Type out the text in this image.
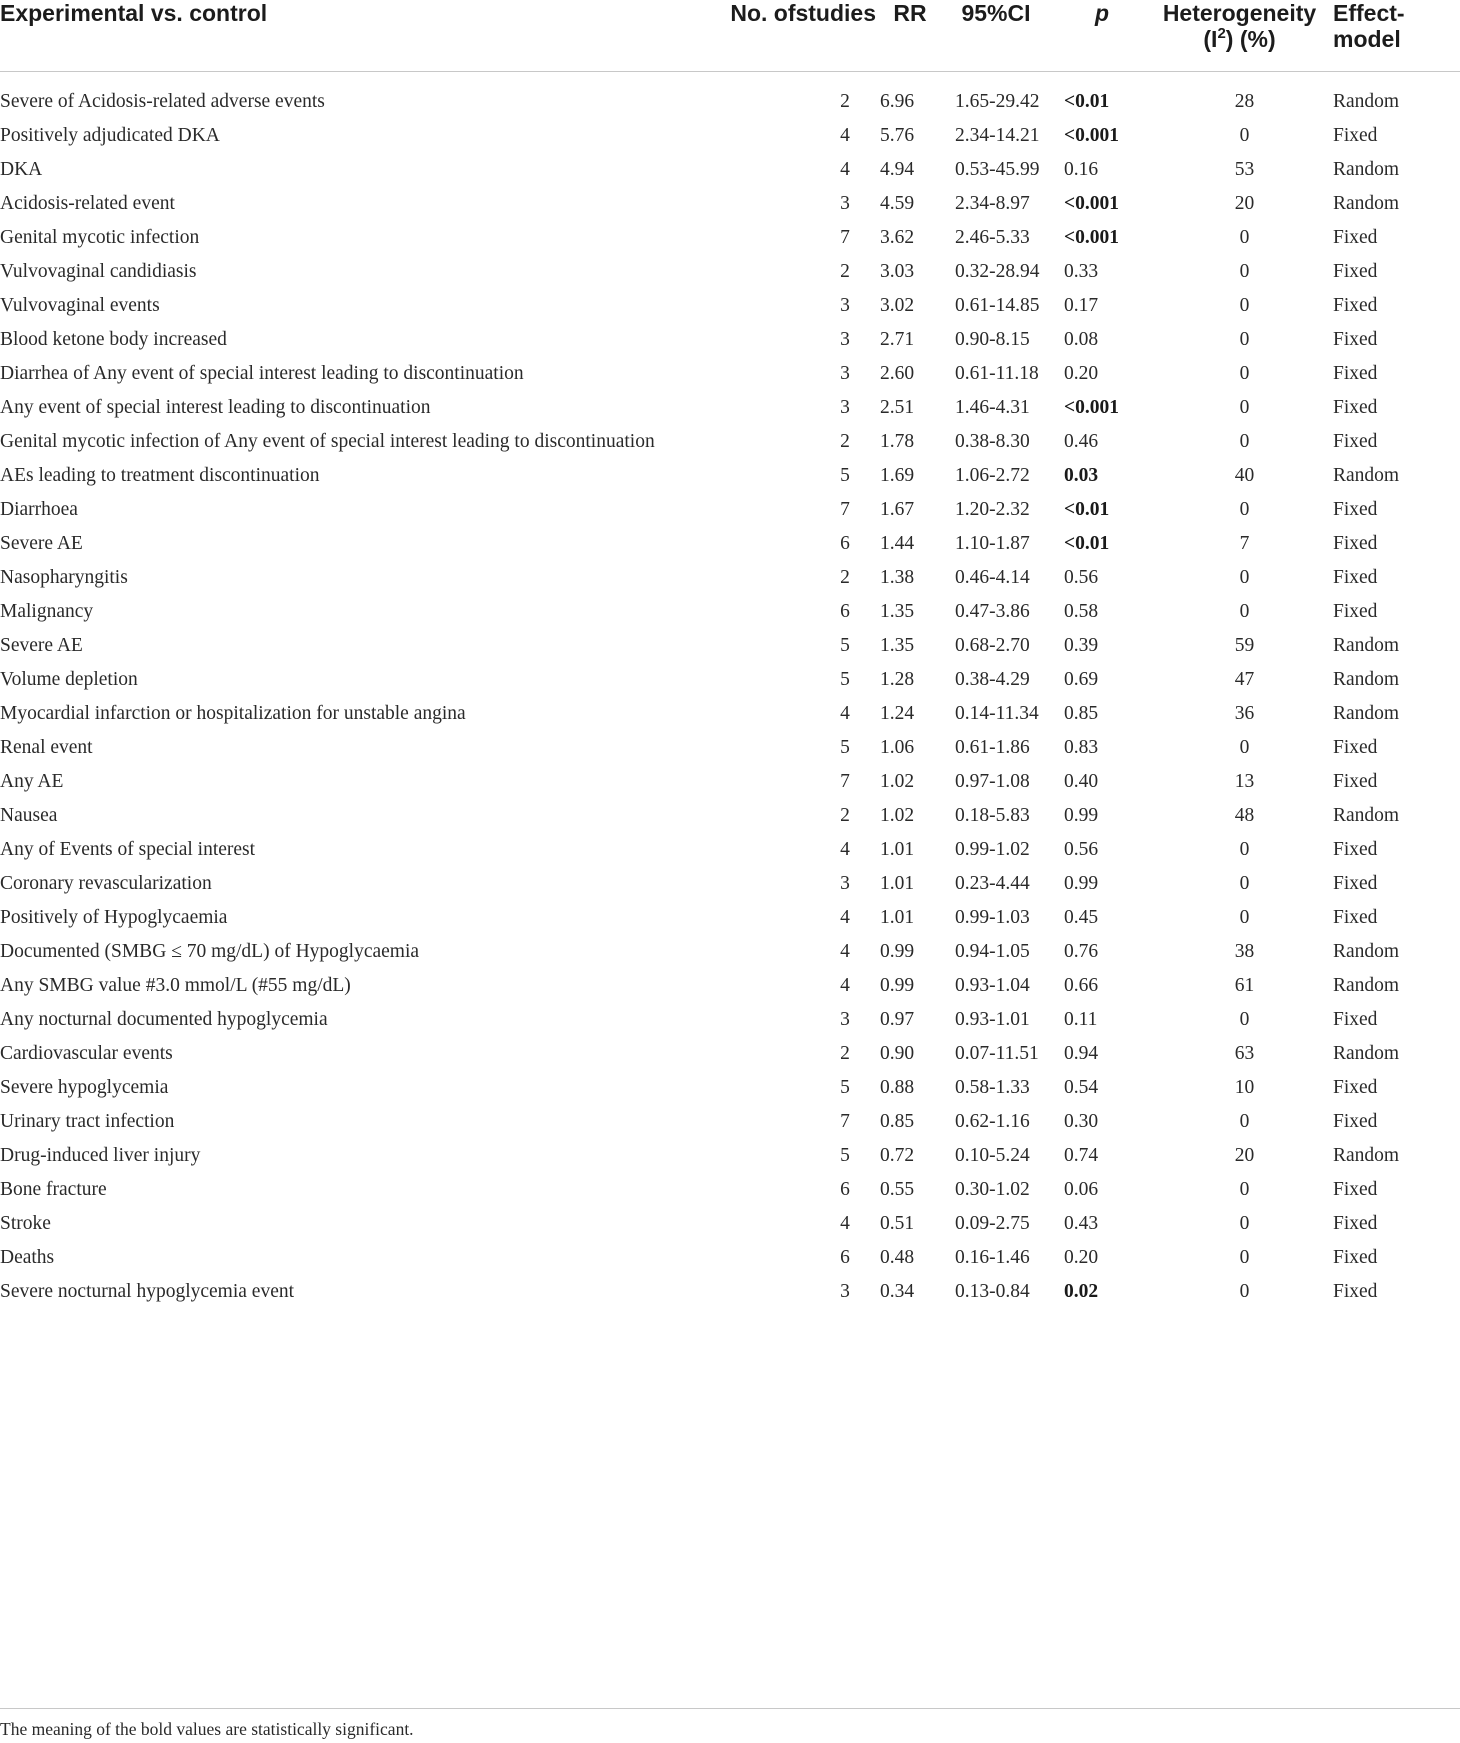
Experimental vs. control	No. ofstudies	RR	95%CI	p	Heterogeneity
$(I^2)$ (%)	Effect- model
Severe of Acidosis-related adverse events	2	6.96	1.65-29.42	<0.01	28	Random
Positively adjudicated DKA	4	5.76	2.34-14.21	<0.001	0	Fixed
DKA	4	4.94	0.53-45.99	0.16	53	Random
Acidosis-related event	3	4.59	2.34-8.97	<0.001	20	Random
Genital mycotic infection	7	3.62	2.46-5.33	<0.001	0	Fixed
Vulvovaginal candidiasis	2	3.03	0.32-28.94	0.33	0	Fixed
Vulvovaginal events	3	3.02	0.61-14.85	0.17	0	Fixed
Blood ketone body increased	3	2.71	0.90-8.15	0.08	0	Fixed
Diarrhea of Any event of special interest leading to discontinuation	3	2.60	0.61-11.18	0.20	0	Fixed
Any event of special interest leading to discontinuation	3	2.51	1.46-4.31	<0.001	0	Fixed
Genital mycotic infection of Any event of special interest leading to discontinuation	2	1.78	0.38-8.30	0.46	0	Fixed
AEs leading to treatment discontinuation	5	1.69	1.06-2.72	0.03	40	Random
Diarrhoea	7	1.67	1.20-2.32	<0.01	0	Fixed
Severe AE	6	1.44	1.10-1.87	<0.01	7	Fixed
Nasopharyngitis	2	1.38	0.46-4.14	0.56	0	Fixed
Malignancy	6	1.35	0.47-3.86	0.58	0	Fixed
Severe AE	5	1.35	0.68-2.70	0.39	59	Random
Volume depletion	5	1.28	0.38-4.29	0.69	47	Random
Myocardial infarction or hospitalization for unstable angina	4	1.24	0.14-11.34	0.85	36	Random
Renal event	5	1.06	0.61-1.86	0.83	0	Fixed
Any AE	7	1.02	0.97-1.08	0.40	13	Fixed
Nausea	2	1.02	0.18-5.83	0.99	48	Random
Any of Events of special interest	4	1.01	0.99-1.02	0.56	0	Fixed
Coronary revascularization	3	1.01	0.23-4.44	0.99	0	Fixed
Positively of Hypoglycaemia	4	1.01	0.99-1.03	0.45	0	Fixed
Documented (SMBG ≤ 70 mg/dL) of Hypoglycaemia	4	0.99	0.94-1.05	0.76	38	Random
Any SMBG value #3.0 mmol/L (#55 mg/dL)	4	0.99	0.93-1.04	0.66	61	Random
Any nocturnal documented hypoglycemia	3	0.97	0.93-1.01	0.11	0	Fixed
Cardiovascular events	2	0.90	0.07-11.51	0.94	63	Random
Severe hypoglycemia	5	0.88	0.58-1.33	0.54	10	Fixed
Urinary tract infection	7	0.85	0.62-1.16	0.30	0	Fixed
Drug-induced liver injury	5	0.72	0.10-5.24	0.74	20	Random
Bone fracture	6	0.55	0.30-1.02	0.06	0	Fixed
Stroke	4	0.51	0.09-2.75	0.43	0	Fixed
Deaths	6	0.48	0.16-1.46	0.20	0	Fixed
Severe nocturnal hypoglycemia event	3	0.34	0.13-0.84	0.02	0	Fixed
The meaning of the bold values are statistically significant.
